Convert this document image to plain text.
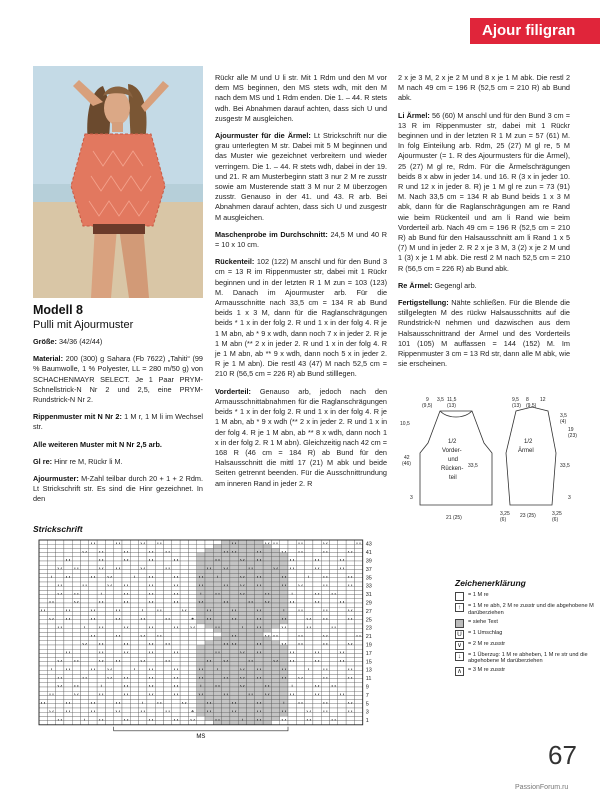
Ajour filigran
Modell 8
Pulli mit Ajourmuster

Größe: 34/36 (42/44)

Material: 200 (300) g Sahara (Fb 7622) „Tahiti“ (99 % Baumwolle, 1 % Polyester, LL = 280 m/50 g) von SCHACHENMAYR SELECT. Je 1 Paar PRYM-Schnellstrick-N Nr 2 und 2,5, eine PRYM-Rundstrick-N Nr 2.

Rippenmuster mit N Nr 2: 1 M r, 1 M li im Wechsel str.

Alle weiteren Muster mit N Nr 2,5 arb.

Gl re: Hinr re M, Rückr li M.

Ajourmuster: M-Zahl teilbar durch 20 + 1 + 2 Rdm. Lt Strickschrift str. Es sind die Hinr gezeichnet. In den

Rückr alle M und U li str. Mit 1 Rdm und den M vor dem MS beginnen, den MS stets wdh, mit den M nach dem MS und 1 Rdm enden. Die 1. – 44. R stets wdh. Bei Abnahmen darauf achten, dass sich U und zusgestr M ausgleichen.

Ajourmuster für die Ärmel: Lt Strickschrift nur die grau unterlegten M str. Dabei mit 5 M beginnen und das Muster wie gezeichnet verbreitern und wieder verringern. Die 1. – 44. R stets wdh, dabei in der 19. und 21. R am Musterbeginn statt 3 nur 2 M re zusstr sowie am Musterende statt 3 M nur 2 M überzogen zusstr. Genauso in der 41. und 43. R arb. Bei Abnahmen darauf achten, dass sich U und zusgestr M ausgleichen.

Maschenprobe im Durchschnitt: 24,5 M und 40 R = 10 x 10 cm.

Rückenteil: 102 (122) M anschl und für den Bund 3 cm = 13 R im Rippenmuster str, dabei mit 1 Rückr beginnen und in der letzten R 1 M zun = 103 (123) M. Danach im Ajourmuster arb. Für die Armausschnitte nach 33,5 cm = 134 R ab Bund beids 1 x 3 M, dann für die Raglanschrägungen beids * 1 x in der folg 2. R und 1 x in der folg 4. R je 1 M abn, ab * 9 x wdh, dann noch 7 x in jeder 2. R je 1 M abn (** 2 x in jeder 2. R und 1 x in der folg 4. R je 1 M abn, ab ** 9 x wdh, dann noch 5 x in jeder 2. R je 1 M abn). Die restl 43 (47) M nach 52,5 cm = 210 R (56,5 cm = 226 R) ab Bund stilllegen.

Vorderteil: Genauso arb, jedoch nach den Armausschnittabnahmen für die Raglanschrägungen beids * 1 x in der folg 2. R und 1 x in der folg 4. R je 1 M abn, ab * 9 x wdh (** 2 x in jeder 2. R und 1 x in der folg 4. R je 1 M abn, ab ** 8 x wdh, dann noch 1 x in der folg 2. R 1 M abn). Gleichzeitig nach 42 cm = 168 R (46 cm = 184 R) ab Bund für den Halsausschnitt die mittl 17 (21) M abk und beide Seiten getrennt beenden. Für die Ausschnittrundung am inneren Rand in jeder 2. R

2 x je 3 M, 2 x je 2 M und 8 x je 1 M abk. Die restl 2 M nach 49 cm = 196 R (52,5 cm = 210 R) ab Bund abk.

Li Ärmel: 56 (60) M anschl und für den Bund 3 cm = 13 R im Rippenmuster str, dabei mit 1 Rückr beginnen und in der letzten R 1 M zun = 57 (61) M. In folg Einteilung arb. Rdm, 25 (27) M gl re, 5 M Ajourmuster (= 1. R des Ajourmusters für die Ärmel), 25 (27) M gl re, Rdm. Für die Ärmelschrägungen beids 8 x abw in jeder 14. und 16. R (3 x in jeder 10. R und 12 x in jeder 8. R) je 1 M gl re zun = 73 (91) M. Nach 33,5 cm = 134 R ab Bund beids 1 x 3 M abk, dann für die Raglanschrägungen am re Rand wie beim Rückenteil und am li Rand wie beim Vorderteil arb. Nach 49 cm = 196 R (52,5 cm = 210 R) ab Bund für den Halsausschnitt am li Rand 1 x 5 (7) M und in jeder 2. R 2 x je 3 M, 3 (2) x je 2 M und 1 (3) x je 1 M abk. Die restl 2 M nach 52,5 cm = 210 R (56,5 cm = 226 R) ab Bund abk.

Re Ärmel: Gegengl arb.

Fertigstellung: Nähte schließen. Für die Blende die stillgelegten M des rückw Halsausschnitts auf die Rundstrick-N nehmen und dazwischen aus dem Halsausschnittrand der Ärmel und des Vorderteils 101 (105) M auffassen = 144 (152) M. Im Rippenmuster 3 cm = 13 Rd str, dann alle M abk, wie sie erscheinen.

1/2
Vorder-
und
Rücken-
teil
1/2
Ärmel
9
(9,5)
3,5 11,5
(13)
10,5
42
(46)	33,5
3
21 (25)
9,5
(13)
8
(9,5)
12
3,5
(4)
19
(23)
33,5
3
3,25
(6)
23 (25)	3,25
(6)
Strickschrift
43
41
39
37
35
33
31
29
27
25
23
21
19
17
15
13
11
9
7
5
3
1
MS
Zeichenerklärung
= 1 M re
↑	= 1 M re abh, 2 M re zusstr und die abgehobene M darüberziehen
= siehe Text
U	= 1 Umschlag
∨	= 2 M re zusstr
↓	= 1 Überzug: 1 M re abheben, 1 M re str und die abgehobene M darüberziehen
∧	= 3 M re zusstr
67
PassionForum.ru
